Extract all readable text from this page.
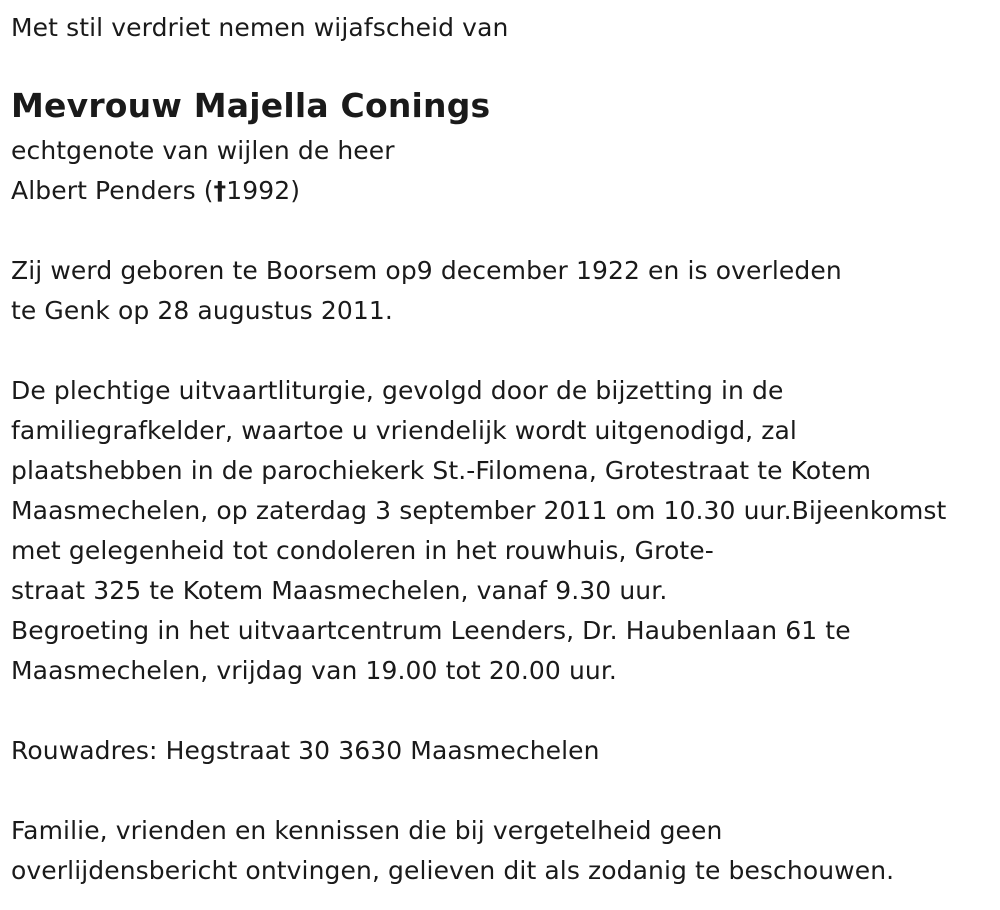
Met stil verdriet nemen wijafscheid van
Mevrouw Majella Conings
echtgenote van wijlen de heer
Albert Penders (†1992)
Zij werd geboren te Boorsem op9 december 1922 en is overleden
te Genk op 28 augustus 2011.
De plechtige uitvaartliturgie, gevolgd door de bijzetting in de
familiegrafkelder, waartoe u vriendelijk wordt uitgenodigd, zal
plaatshebben in de parochiekerk St.-Filomena, Grotestraat te Kotem
Maasmechelen, op zaterdag 3 september 2011 om 10.30 uur.Bijeenkomst
met gelegenheid tot condoleren in het rouwhuis, Grote-
straat 325 te Kotem Maasmechelen, vanaf 9.30 uur.
Begroeting in het uitvaartcentrum Leenders, Dr. Haubenlaan 61 te
Maasmechelen, vrijdag van 19.00 tot 20.00 uur.
Rouwadres: Hegstraat 30 3630 Maasmechelen
Familie, vrienden en kennissen die bij vergetelheid geen
overlijdensbericht ontvingen, gelieven dit als zodanig te beschouwen.
